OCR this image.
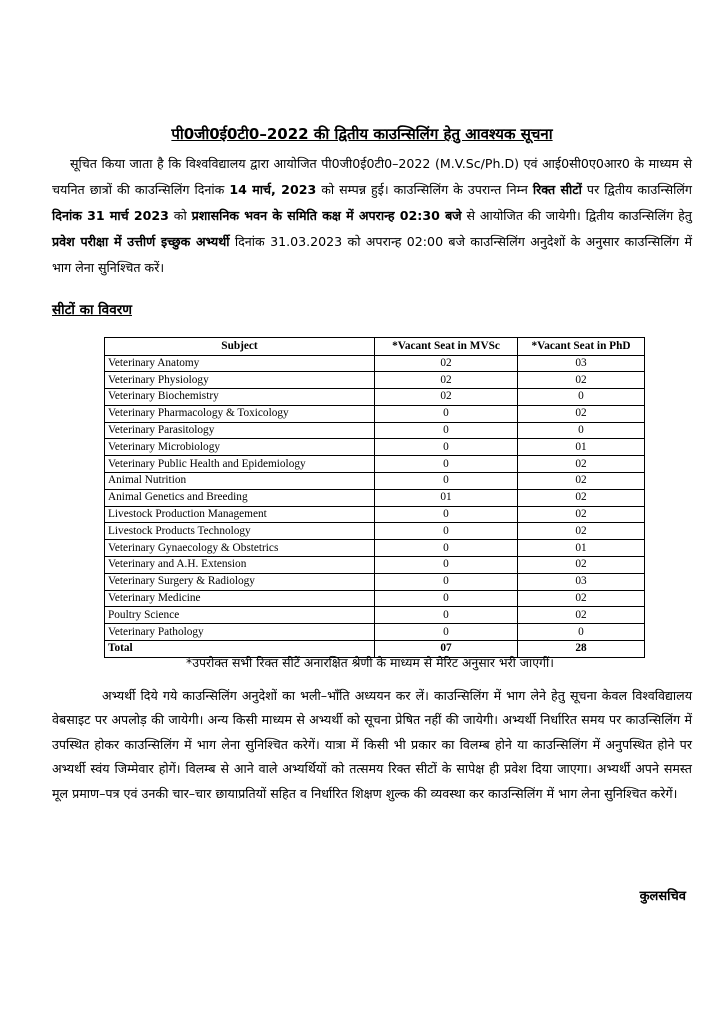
पी0जी0ई0टी0–2022 की द्वितीय काउन्सिलिंग हेतु आवश्यक सूचना

सूचित किया जाता है कि विश्वविद्यालय द्वारा आयोजित पी0जी0ई0टी0–2022 (M.V.Sc/Ph.D) एवं आई0सी0ए0आर0 के माध्यम से चयनित छात्रों की काउन्सिलिंग दिनांक 14 मार्च, 2023 को सम्पन्न हुई। काउन्सिलिंग के उपरान्त निम्न रिक्त सीटों पर द्वितीय काउन्सिलिंग दिनांक 31 मार्च 2023 को प्रशासनिक भवन के समिति कक्ष में अपरान्ह 02:30 बजे से आयोजित की जायेगी। द्वितीय काउन्सिलिंग हेतु प्रवेश परीक्षा में उत्तीर्ण इच्छुक अभ्यर्थी दिनांक 31.03.2023 को अपरान्ह 02:00 बजे काउन्सिलिंग अनुदेशों के अनुसार काउन्सिलिंग में भाग लेना सुनिश्चित करें।

सीटों का विवरण
Subject	*Vacant Seat in MVSc	*Vacant Seat in PhD
Veterinary Anatomy	02	03
Veterinary Physiology	02	02
Veterinary Biochemistry	02	0
Veterinary Pharmacology & Toxicology	0	02
Veterinary Parasitology	0	0
Veterinary Microbiology	0	01
Veterinary Public Health and Epidemiology	0	02
Animal Nutrition	0	02
Animal Genetics and Breeding	01	02
Livestock Production Management	0	02
Livestock Products Technology	0	02
Veterinary Gynaecology & Obstetrics	0	01
Veterinary and A.H. Extension	0	02
Veterinary Surgery & Radiology	0	03
Veterinary Medicine	0	02
Poultry Science	0	02
Veterinary Pathology	0	0
Total	07	28
*उपरोक्त सभी रिक्त सीटें अनारक्षित श्रेणी के माध्यम से मेरिट अनुसार भरी जाएगीं।

अभ्यर्थी दिये गये काउन्सिलिंग अनुदेशों का भली–भाँति अध्ययन कर लें। काउन्सिलिंग में भाग लेने हेतु सूचना केवल विश्वविद्यालय वेबसाइट पर अपलोड़ की जायेगी। अन्य किसी माध्यम से अभ्यर्थी को सूचना प्रेषित नहीं की जायेगी। अभ्यर्थी निर्धारित समय पर काउन्सिलिंग में उपस्थित होकर काउन्सिलिंग में भाग लेना सुनिश्चित करेगें। यात्रा में किसी भी प्रकार का विलम्ब होने या काउन्सिलिंग में अनुपस्थित होने पर अभ्यर्थी स्वंय जिम्मेवार होगें। विलम्ब से आने वाले अभ्यर्थियों को तत्समय रिक्त सीटों के सापेक्ष ही प्रवेश दिया जाएगा। अभ्यर्थी अपने समस्त मूल प्रमाण–पत्र एवं उनकी चार–चार छायाप्रतियों सहित व निर्धारित शिक्षण शुल्क की व्यवस्था कर काउन्सिलिंग में भाग लेना सुनिश्चित करेगें।

कुलसचिव
